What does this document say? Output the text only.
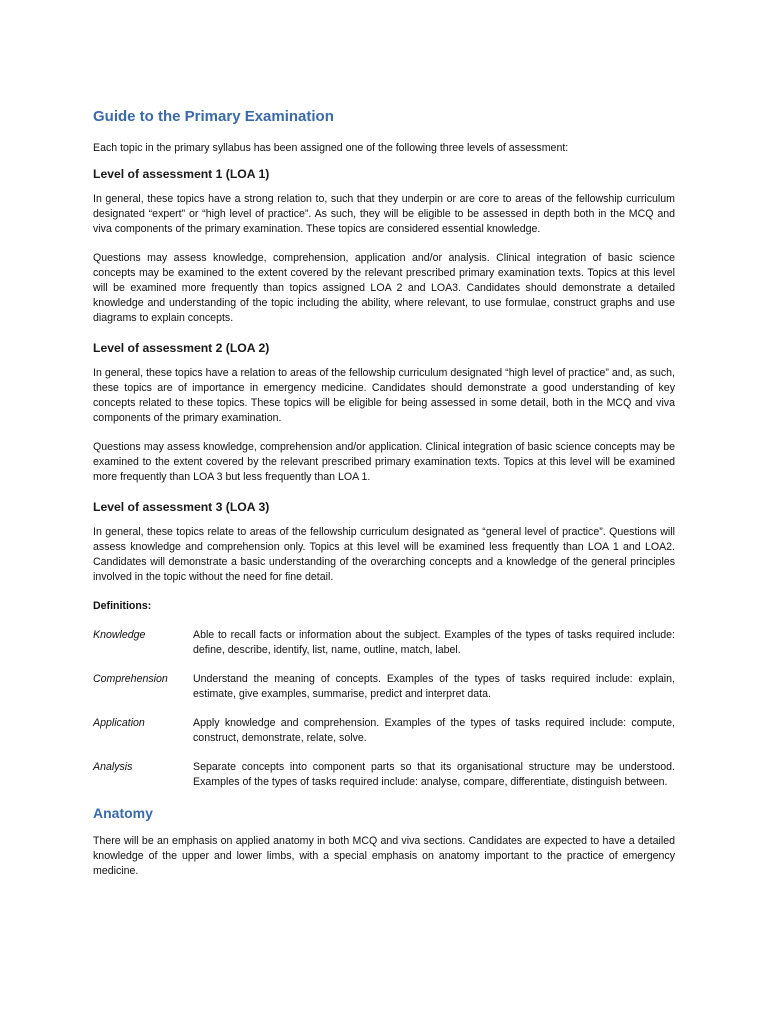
Guide to the Primary Examination

Each topic in the primary syllabus has been assigned one of the following three levels of assessment:

Level of assessment 1 (LOA 1)

In general, these topics have a strong relation to, such that they underpin or are core to areas of the fellowship curriculum designated “expert” or “high level of practice”. As such, they will be eligible to be assessed in depth both in the MCQ and viva components of the primary examination. These topics are considered essential knowledge.

Questions may assess knowledge, comprehension, application and/or analysis. Clinical integration of basic science concepts may be examined to the extent covered by the relevant prescribed primary examination texts. Topics at this level will be examined more frequently than topics assigned LOA 2 and LOA3. Candidates should demonstrate a detailed knowledge and understanding of the topic including the ability, where relevant, to use formulae, construct graphs and use diagrams to explain concepts.

Level of assessment 2 (LOA 2)

In general, these topics have a relation to areas of the fellowship curriculum designated “high level of practice” and, as such, these topics are of importance in emergency medicine. Candidates should demonstrate a good understanding of key concepts related to these topics. These topics will be eligible for being assessed in some detail, both in the MCQ and viva components of the primary examination.

Questions may assess knowledge, comprehension and/or application. Clinical integration of basic science concepts may be examined to the extent covered by the relevant prescribed primary examination texts. Topics at this level will be examined more frequently than LOA 3 but less frequently than LOA 1.

Level of assessment 3 (LOA 3)

In general, these topics relate to areas of the fellowship curriculum designated as “general level of practice”. Questions will assess knowledge and comprehension only. Topics at this level will be examined less frequently than LOA 1 and LOA2. Candidates will demonstrate a basic understanding of the overarching concepts and a knowledge of the general principles involved in the topic without the need for fine detail.

Definitions:
Knowledge	Able to recall facts or information about the subject. Examples of the types of tasks required include: define, describe, identify, list, name, outline, match, label.
Comprehension	Understand the meaning of concepts. Examples of the types of tasks required include: explain, estimate, give examples, summarise, predict and interpret data.
Application	Apply knowledge and comprehension. Examples of the types of tasks required include: compute, construct, demonstrate, relate, solve.
Analysis	Separate concepts into component parts so that its organisational structure may be understood. Examples of the types of tasks required include: analyse, compare, differentiate, distinguish between.
Anatomy

There will be an emphasis on applied anatomy in both MCQ and viva sections. Candidates are expected to have a detailed knowledge of the upper and lower limbs, with a special emphasis on anatomy important to the practice of emergency medicine.
